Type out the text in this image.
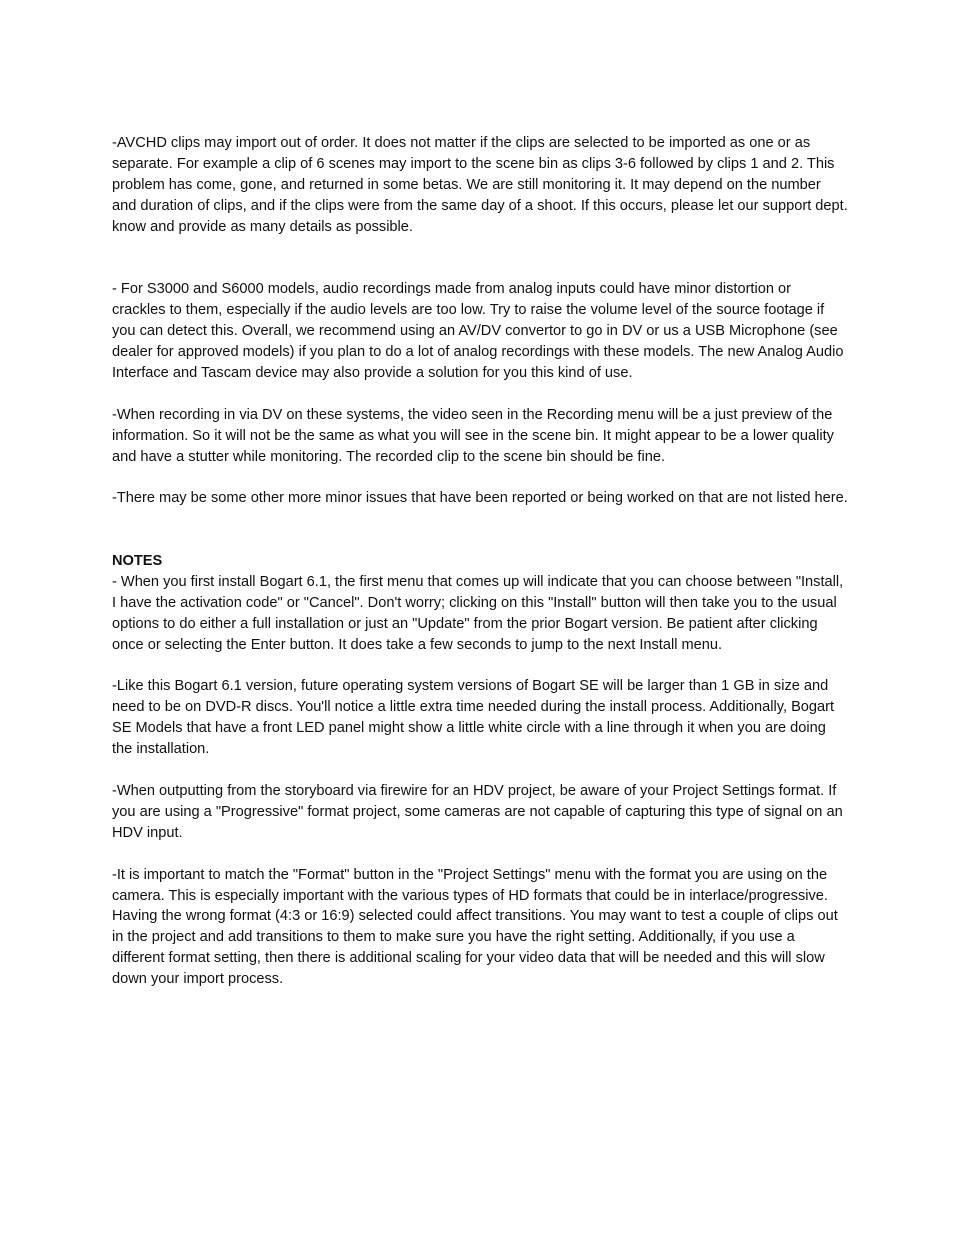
-AVCHD clips may import out of order. It does not matter if the clips are selected to be imported as one or as separate. For example a clip of 6 scenes may import to the scene bin as clips 3-6 followed by clips 1 and 2. This problem has come, gone, and returned in some betas. We are still monitoring it. It may depend on the number and duration of clips, and if the clips were from the same day of a shoot. If this occurs, please let our support dept. know and provide as many details as possible.

- For S3000 and S6000 models, audio recordings made from analog inputs could have minor distortion or crackles to them, especially if the audio levels are too low. Try to raise the volume level of the source footage if you can detect this. Overall, we recommend using an AV/DV convertor to go in DV or us a USB Microphone (see dealer for approved models) if you plan to do a lot of analog recordings with these models. The new Analog Audio Interface and Tascam device may also provide a solution for you this kind of use.

-When recording in via DV on these systems, the video seen in the Recording menu will be a just preview of the information. So it will not be the same as what you will see in the scene bin. It might appear to be a lower quality and have a stutter while monitoring. The recorded clip to the scene bin should be fine.

-There may be some other more minor issues that have been reported or being worked on that are not listed here.

NOTES

- When you first install Bogart 6.1, the first menu that comes up will indicate that you can choose between "Install, I have the activation code" or "Cancel". Don't worry; clicking on this "Install" button will then take you to the usual options to do either a full installation or just an "Update" from the prior Bogart version. Be patient after clicking once or selecting the Enter button. It does take a few seconds to jump to the next Install menu.

-Like this Bogart 6.1 version, future operating system versions of Bogart SE will be larger than 1 GB in size and need to be on DVD-R discs. You'll notice a little extra time needed during the install process. Additionally, Bogart SE Models that have a front LED panel might show a little white circle with a line through it when you are doing the installation.

-When outputting from the storyboard via firewire for an HDV project, be aware of your Project Settings format. If you are using a "Progressive" format project, some cameras are not capable of capturing this type of signal on an HDV input.

-It is important to match the "Format" button in the "Project Settings" menu with the format you are using on the camera. This is especially important with the various types of HD formats that could be in interlace/progressive. Having the wrong format (4:3 or 16:9) selected could affect transitions. You may want to test a couple of clips out in the project and add transitions to them to make sure you have the right setting. Additionally, if you use a different format setting, then there is additional scaling for your video data that will be needed and this will slow down your import process.
